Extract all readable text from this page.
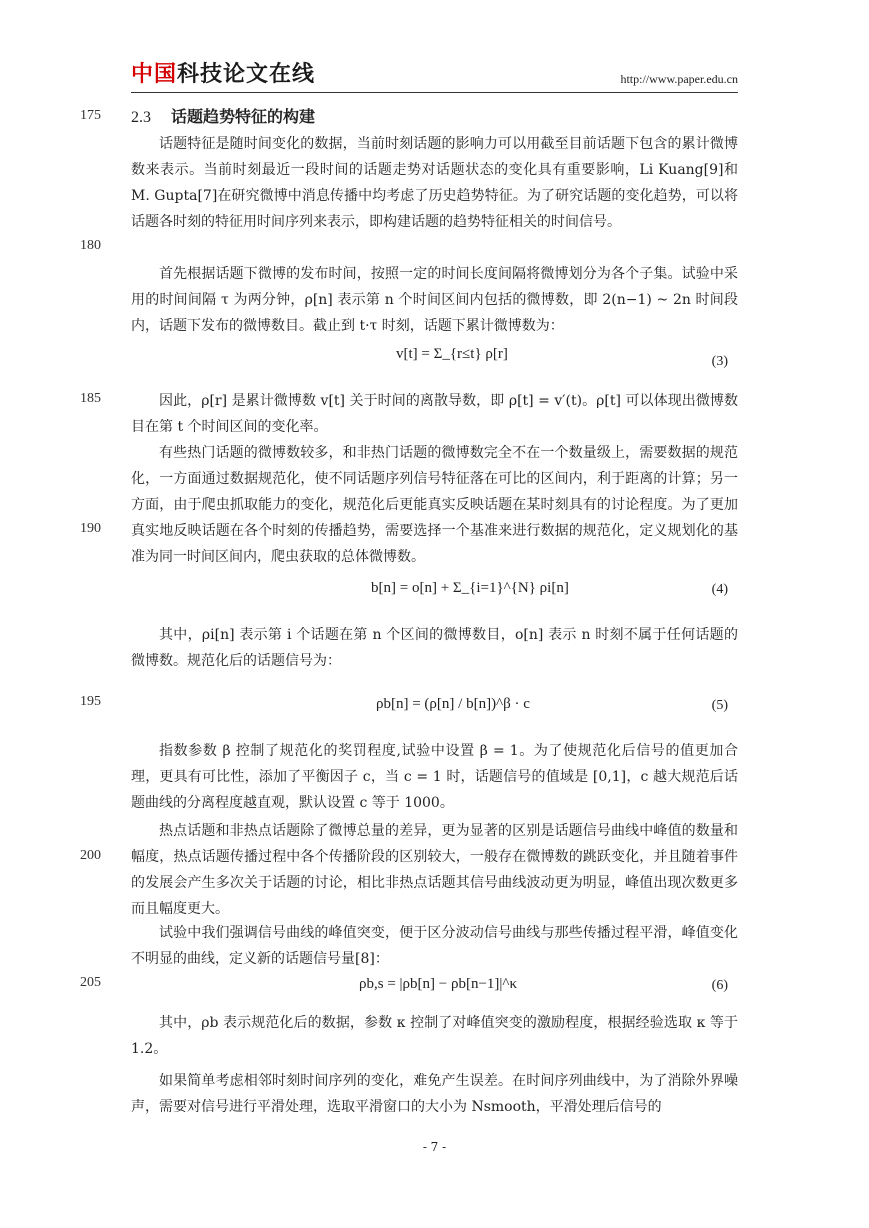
中国科技论文在线	http://www.paper.edu.cn
175
180
185
190
195
200
205
2.3 话题趋势特征的构建
话题特征是随时间变化的数据，当前时刻话题的影响力可以用截至目前话题下包含的累计微博数来表示。当前时刻最近一段时间的话题走势对话题状态的变化具有重要影响，Li Kuang[9]和 M. Gupta[7]在研究微博中消息传播中均考虑了历史趋势特征。为了研究话题的变化趋势，可以将话题各时刻的特征用时间序列来表示，即构建话题的趋势特征相关的时间信号。
首先根据话题下微博的发布时间，按照一定的时间长度间隔将微博划分为各个子集。试验中采用的时间间隔 τ 为两分钟，ρ[n] 表示第 n 个时间区间内包括的微博数，即 2(n−1) ~ 2n 时间段内，话题下发布的微博数目。截止到 t·τ 时刻，话题下累计微博数为：
v[t] = Σ_{r≤t} ρ[r]	(3)
因此，ρ[r] 是累计微博数 v[t] 关于时间的离散导数，即 ρ[t] = v′(t)。ρ[t] 可以体现出微博数目在第 t 个时间区间的变化率。
有些热门话题的微博数较多，和非热门话题的微博数完全不在一个数量级上，需要数据的规范化，一方面通过数据规范化，使不同话题序列信号特征落在可比的区间内，利于距离的计算；另一方面，由于爬虫抓取能力的变化，规范化后更能真实反映话题在某时刻具有的讨论程度。为了更加真实地反映话题在各个时刻的传播趋势，需要选择一个基准来进行数据的规范化，定义规划化的基准为同一时间区间内，爬虫获取的总体微博数。
b[n] = o[n] + Σ_{i=1}^{N} ρi[n]	(4)
其中，ρi[n] 表示第 i 个话题在第 n 个区间的微博数目，o[n] 表示 n 时刻不属于任何话题的微博数。规范化后的话题信号为：
ρb[n] = (ρ[n] / b[n])^β · c	(5)
指数参数 β 控制了规范化的奖罚程度,试验中设置 β = 1。为了使规范化后信号的值更加合理，更具有可比性，添加了平衡因子 c，当 c = 1 时，话题信号的值域是 [0,1]，c 越大规范后话题曲线的分离程度越直观，默认设置 c 等于 1000。
热点话题和非热点话题除了微博总量的差异，更为显著的区别是话题信号曲线中峰值的数量和幅度，热点话题传播过程中各个传播阶段的区别较大，一般存在微博数的跳跃变化，并且随着事件的发展会产生多次关于话题的讨论，相比非热点话题其信号曲线波动更为明显，峰值出现次数更多而且幅度更大。
试验中我们强调信号曲线的峰值突变，便于区分波动信号曲线与那些传播过程平滑，峰值变化不明显的曲线，定义新的话题信号量[8]：
ρb,s = |ρb[n] − ρb[n−1]|^κ	(6)
其中，ρb 表示规范化后的数据，参数 κ 控制了对峰值突变的激励程度，根据经验选取 κ 等于 1.2。
如果简单考虑相邻时刻时间序列的变化，难免产生误差。在时间序列曲线中，为了消除外界噪声，需要对信号进行平滑处理，选取平滑窗口的大小为 Nsmooth，平滑处理后信号的
- 7 -
